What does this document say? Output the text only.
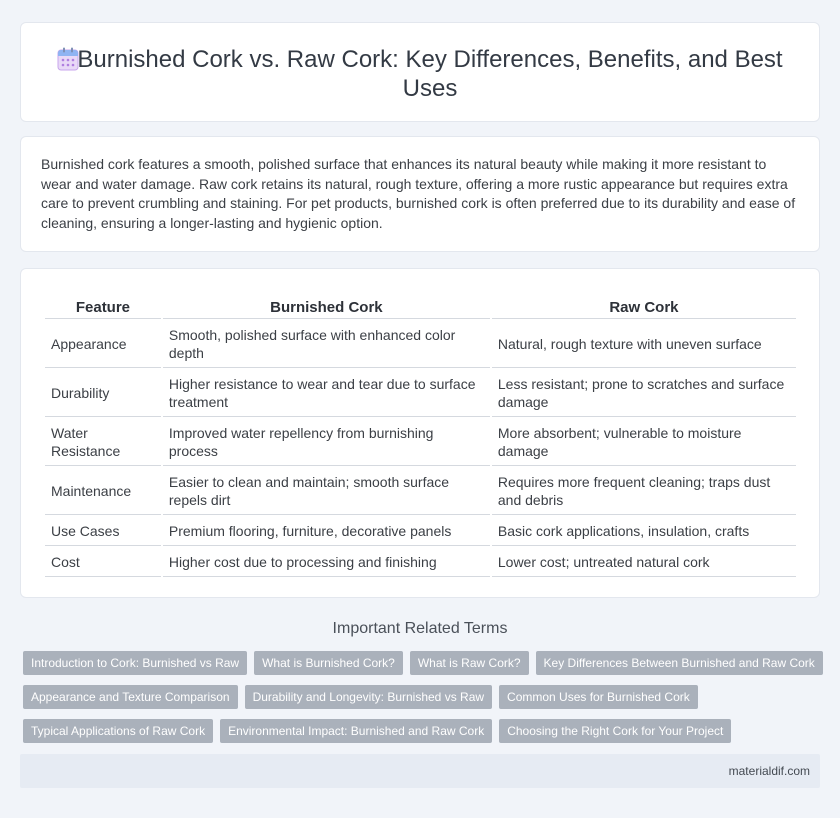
Burnished Cork vs. Raw Cork: Key Differences, Benefits, and Best Uses

Burnished cork features a smooth, polished surface that enhances its natural beauty while making it more resistant to wear and water damage. Raw cork retains its natural, rough texture, offering a more rustic appearance but requires extra care to prevent crumbling and staining. For pet products, burnished cork is often preferred due to its durability and ease of cleaning, ensuring a longer-lasting and hygienic option.

Feature	Burnished Cork	Raw Cork
Appearance	Smooth, polished surface with enhanced color depth	Natural, rough texture with uneven surface
Durability	Higher resistance to wear and tear due to surface treatment	Less resistant; prone to scratches and surface damage
Water Resistance	Improved water repellency from burnishing process	More absorbent; vulnerable to moisture damage
Maintenance	Easier to clean and maintain; smooth surface repels dirt	Requires more frequent cleaning; traps dust and debris
Use Cases	Premium flooring, furniture, decorative panels	Basic cork applications, insulation, crafts
Cost	Higher cost due to processing and finishing	Lower cost; untreated natural cork
Important Related Terms
Introduction to Cork: Burnished vs Raw	What is Burnished Cork?	What is Raw Cork?	Key Differences Between Burnished and Raw Cork
Appearance and Texture Comparison	Durability and Longevity: Burnished vs Raw	Common Uses for Burnished Cork
Typical Applications of Raw Cork	Environmental Impact: Burnished and Raw Cork	Choosing the Right Cork for Your Project
materialdif.com
